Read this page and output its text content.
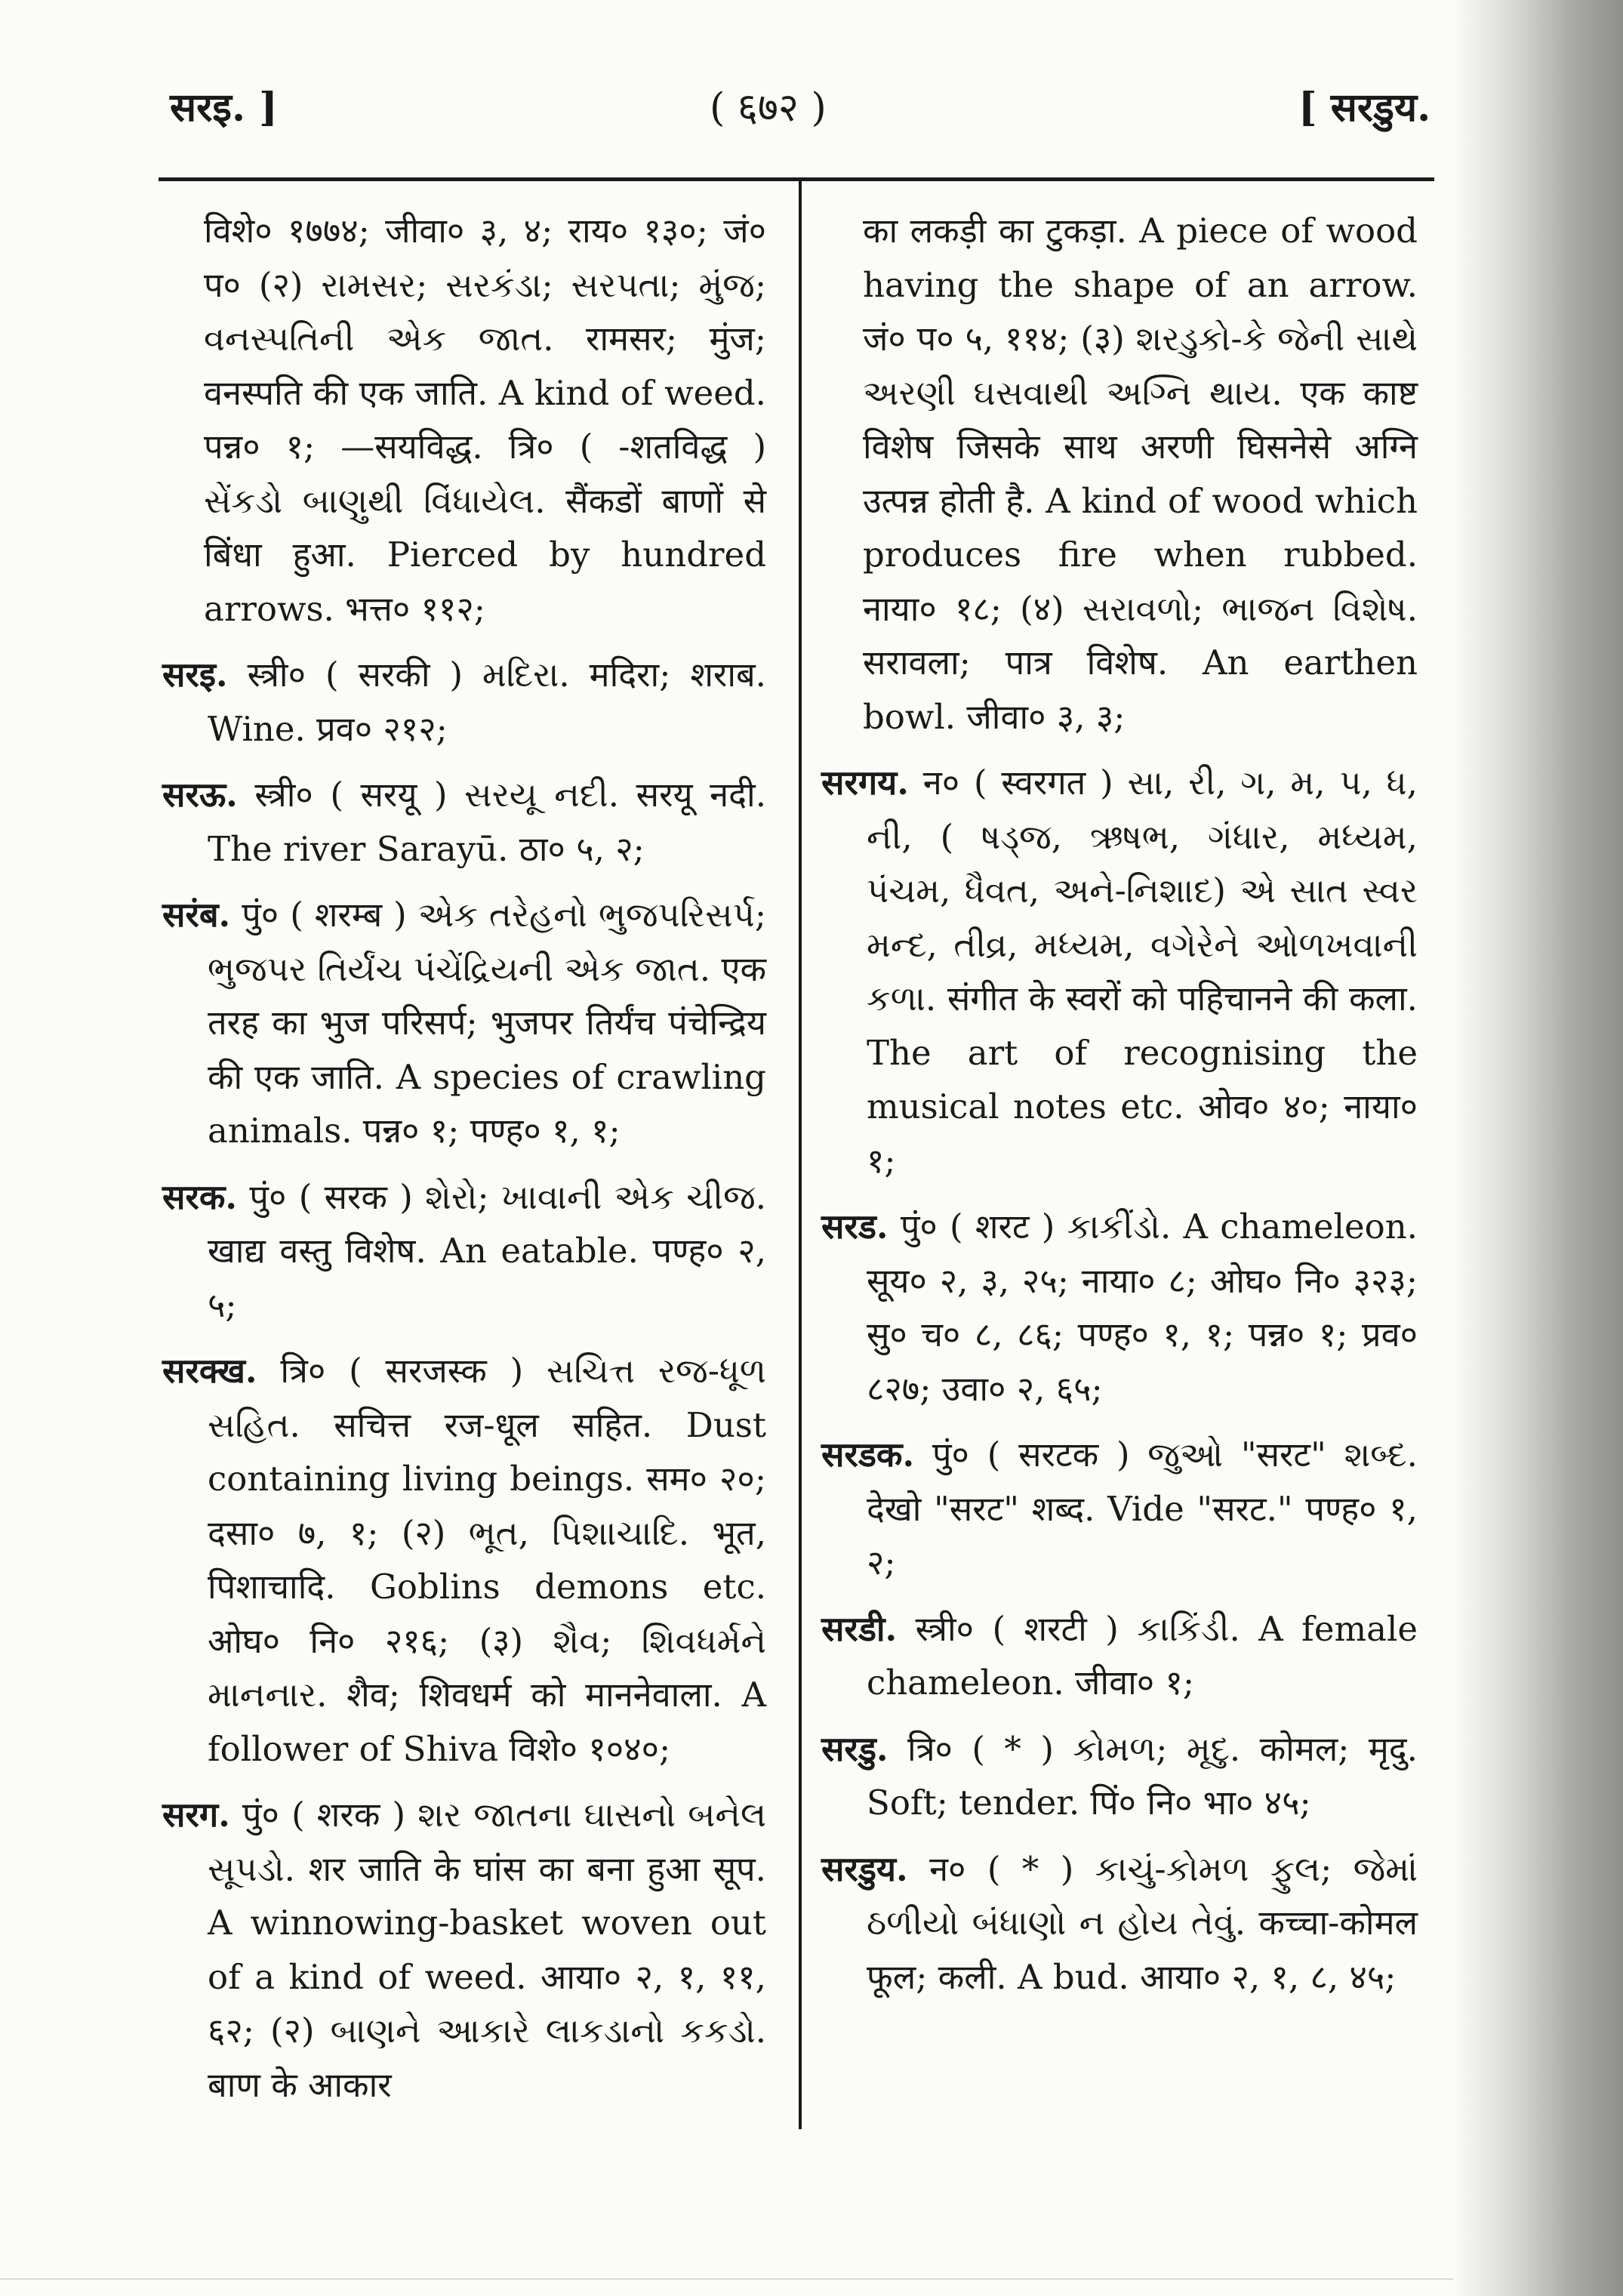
सरइ. ]	( ६७२ )	[ सरडुय.

विशे० १७७४; जीवा० ३, ४; राय० १३०; जं० प० (२) રામસર; સરકંડા; સરપતા; મુંજ; વનસ્પતિની એક જાત. रामसर; मुंज; वनस्पति की एक जाति. A kind of weed. पन्न० १; —सयविद्ध. त्रि० ( -शतविद्ध ) સેંકડો બાણુથી વિંધાયેલ. सैंकडों बाणों से बिंधा हुआ. Pierced by hundred arrows. भत्त० ११२;

सरइ. स्त्री० ( सरकी ) મદિરા. मदिरा; शराब. Wine. प्रव० २१२;

सरऊ. स्त्री० ( सरयू ) સરયૂ નદી. सरयू नदी. The river Sarayū. ठा० ५, २;

सरंब. पुं० ( शरम्ब ) એક તરેહનો ભુજપરિસર્પ; ભુજપર તિર્યંચ પંચેંદ્રિયની એક જાત. एक तरह का भुज परिसर्प; भुजपर तिर्यंच पंचेन्द्रिय की एक जाति. A species of crawling animals. पन्न० १; पण्ह० १, १;

सरक. पुं० ( सरक ) શેરો; ખાવાની એક ચીજ. खाद्य वस्तु विशेष. An eatable. पण्ह० २, ५;

सरक्ख. त्रि० ( सरजस्क ) સચિત્ત રજ-ધૂળ સહિત. सचित्त रज-धूल सहित. Dust containing living beings. सम० २०; दसा० ७, १; (२) ભૂત, પિશાચાદિ. भूत, पिशाचादि. Goblins demons etc. ओघ० नि० २१६; (३) શૈવ; શિવધર્મને માનનાર. शैव; शिवधर्म को माननेवाला. A follower of Shiva विशे० १०४०;

सरग. पुं० ( शरक ) શર જાતના ઘાસનો બનેલ સૂપડો. शर जाति के घांस का बना हुआ सूप. A winnowing-basket woven out of a kind of weed. आया० २, १, ११, ६२; (२) બાણને આકારે લાકડાનો કકડો. बाण के आकार

का लकड़ी का टुकड़ा. A piece of wood having the shape of an arrow. जं० प० ५, ११४; (३) શરડુકો-કે જેની સાથે અરણી ઘસવાથી અગ્નિ થાય. एक काष्ट विशेष जिसके साथ अरणी घिसनेसे अग्नि उत्पन्न होती है. A kind of wood which produces fire when rubbed. नाया० १८; (४) સરાવળો; ભાજન વિશેષ. सरावला; पात्र विशेष. An earthen bowl. जीवा० ३, ३;

सरगय. न० ( स्वरगत ) સા, રી, ગ, મ, પ, ધ, ની, ( ષડ્જ, ઋષભ, ગંધાર, મધ્યમ, પંચમ, ધૈવત, અને-નિશાદ) એ સાત સ્વર મન્દ, તીવ્ર, મધ્યમ, વગેરેને ઓળખવાની કળા. संगीत के स्वरों को पहिचानने की कला. The art of recognising the musical notes etc. ओव० ४०; नाया० १;

सरड. पुं० ( शरट ) કાકીંડો. A chameleon. सूय० २, ३, २५; नाया० ८; ओघ० नि० ३२३; सु० च० ८, ८६; पण्ह० १, १; पन्न० १; प्रव० ८२७; उवा० २, ६५;

सरडक. पुं० ( सरटक ) જુઓ "सरट" શબ્દ. देखो "सरट" शब्द. Vide "सरट." पण्ह० १, २;

सरडी. स्त्री० ( शरटी ) કાકિંડી. A female chameleon. जीवा० १;

सरडु. त्रि० ( * ) કોમળ; મૃદુ. कोमल; मृदु. Soft; tender. पिं० नि० भा० ४५;

सरडुय. न० ( * ) કાચું-કોમળ ફુલ; જેમાં ઠળીયો બંધાણો ન હોય તેવું. कच्चा-कोमल फूल; कली. A bud. आया० २, १, ८, ४५;
